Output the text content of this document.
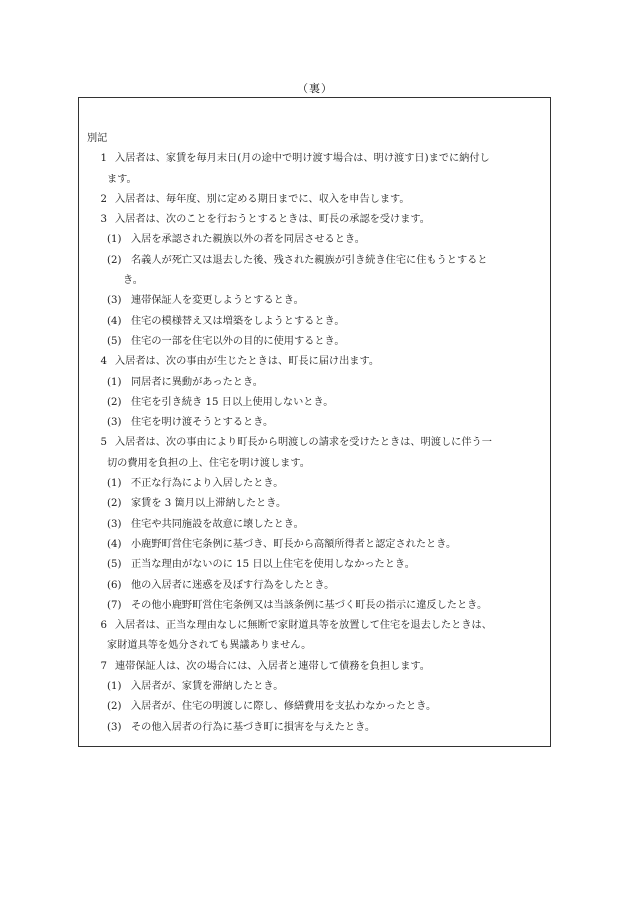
（裏）
別記
1 入居者は、家賃を毎月末日(月の途中で明け渡す場合は、明け渡す日)までに納付し
ます。
2 入居者は、毎年度、別に定める期日までに、収入を申告します。
3 入居者は、次のことを行おうとするときは、町長の承認を受けます。
(1) 入居を承認された親族以外の者を同居させるとき。
(2) 名義人が死亡又は退去した後、残された親族が引き続き住宅に住もうとすると
き。
(3) 連帯保証人を変更しようとするとき。
(4) 住宅の模様替え又は増築をしようとするとき。
(5) 住宅の一部を住宅以外の目的に使用するとき。
4 入居者は、次の事由が生じたときは、町長に届け出ます。
(1) 同居者に異動があったとき。
(2) 住宅を引き続き 15 日以上使用しないとき。
(3) 住宅を明け渡そうとするとき。
5 入居者は、次の事由により町長から明渡しの請求を受けたときは、明渡しに伴う一
切の費用を負担の上、住宅を明け渡します。
(1) 不正な行為により入居したとき。
(2) 家賃を 3 箇月以上滞納したとき。
(3) 住宅や共同施設を故意に壊したとき。
(4) 小鹿野町営住宅条例に基づき、町長から高額所得者と認定されたとき。
(5) 正当な理由がないのに 15 日以上住宅を使用しなかったとき。
(6) 他の入居者に迷惑を及ぼす行為をしたとき。
(7) その他小鹿野町営住宅条例又は当該条例に基づく町長の指示に違反したとき。
6 入居者は、正当な理由なしに無断で家財道具等を放置して住宅を退去したときは、
家財道具等を処分されても異議ありません。
7 連帯保証人は、次の場合には、入居者と連帯して債務を負担します。
(1) 入居者が、家賃を滞納したとき。
(2) 入居者が、住宅の明渡しに際し、修繕費用を支払わなかったとき。
(3) その他入居者の行為に基づき町に損害を与えたとき。
